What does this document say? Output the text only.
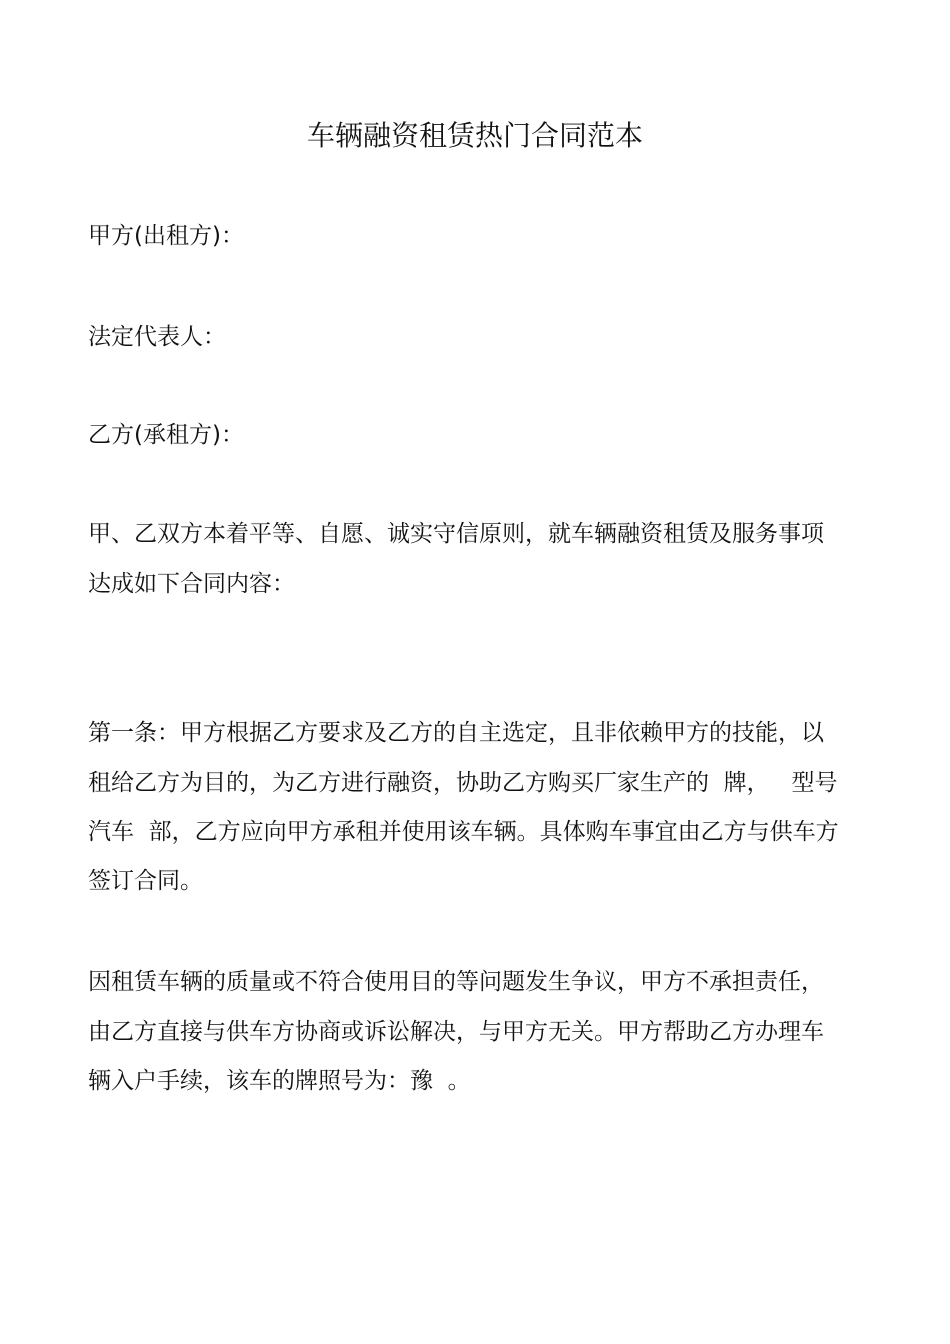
车辆融资租赁热门合同范本

甲方(出租方)：

法定代表人：

乙方(承租方)：

甲、乙双方本着平等、自愿、诚实守信原则，就车辆融资租赁及服务事项

达成如下合同内容：

第一条：甲方根据乙方要求及乙方的自主选定，且非依赖甲方的技能，以

租给乙方为目的，为乙方进行融资，协助乙方购买厂家生产的  牌，   型号

汽车  部，乙方应向甲方承租并使用该车辆。具体购车事宜由乙方与供车方

签订合同。

因租赁车辆的质量或不符合使用目的等问题发生争议，甲方不承担责任，

由乙方直接与供车方协商或诉讼解决，与甲方无关。甲方帮助乙方办理车

辆入户手续，该车的牌照号为：豫  。
